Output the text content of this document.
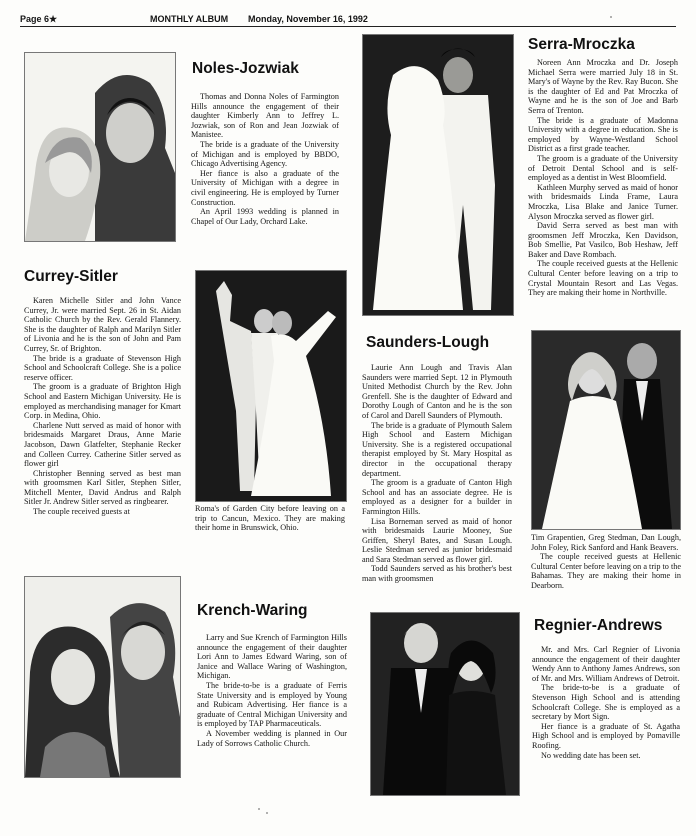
Page 6★	MONTHLY ALBUM Monday, November 16, 1992
Noles-Jozwiak

Thomas and Donna Noles of Farmington Hills announce the engagement of their daughter Kimberly Ann to Jeffrey L. Jozwiak, son of Ron and Jean Jozwiak of Manistee.

The bride is a graduate of the University of Michigan and is employed by BBDO, Chicago Advertising Agency.

Her fiance is also a graduate of the University of Michigan with a degree in civil engineering. He is employed by Turner Construction.

An April 1993 wedding is planned in Chapel of Our Lady, Orchard Lake.

Currey-Sitler

Karen Michelle Sitler and John Vance Currey, Jr. were married Sept. 26 in St. Aidan Catholic Church by the Rev. Gerald Flannery. She is the daughter of Ralph and Marilyn Sitler of Livonia and he is the son of John and Pam Currey, Sr. of Brighton.

The bride is a graduate of Stevenson High School and Schoolcraft College. She is a police reserve officer.

The groom is a graduate of Brighton High School and Eastern Michigan University. He is employed as merchandising manager for Kmart Corp. in Medina, Ohio.

Charlene Nutt served as maid of honor with bridesmaids Margaret Draus, Anne Marie Jacobson, Dawn Glatfelter, Stephanie Recker and Colleen Currey. Catherine Sitler served as flower girl

Christopher Benning served as best man with groomsmen Karl Sitler, Stephen Sitler, Mitchell Menter, David Andrus and Ralph Sitler Jr. Andrew Sitler served as ringbearer.

The couple received guests at	Roma's of Garden City before leaving on a trip to Cancun, Mexico. They are making their home in Brunswick, Ohio.

Krench-Waring

Larry and Sue Krench of Farmington Hills announce the engagement of their daughter Lori Ann to James Edward Waring, son of Janice and Wallace Waring of Washington, Michigan.

The bride-to-be is a graduate of Ferris State University and is employed by Young and Rubicam Advertising. Her fiance is a graduate of Central Michigan University and is employed by TAP Pharmaceuticals.

A November wedding is planned in Our Lady of Sorrows Catholic Church.

Serra-Mroczka

Noreen Ann Mroczka and Dr. Joseph Michael Serra were married July 18 in St. Mary's of Wayne by the Rev. Ray Bucon. She is the daughter of Ed and Pat Mroczka of Wayne and he is the son of Joe and Barb Serra of Trenton.

The bride is a graduate of Madonna University with a degree in education. She is employed by Wayne-Westland School District as a first grade teacher.

The groom is a graduate of the University of Detroit Dental School and is self-employed as a dentist in West Bloomfield.

Kathleen Murphy served as maid of honor with bridesmaids Linda Frame, Laura Mroczka, Lisa Blake and Janice Turner. Alyson Mroczka served as flower girl.

David Serra served as best man with groomsmen Jeff Mroczka, Ken Davidson, Bob Smellie, Pat Vasilco, Bob Heshaw, Jeff Baker and Dave Rombach.

The couple received guests at the Hellenic Cultural Center before leaving on a trip to Crystal Mountain Resort and Las Vegas. They are making their home in Northville.

Saunders-Lough

Laurie Ann Lough and Travis Alan Saunders were married Sept. 12 in Plymouth United Methodist Church by the Rev. John Grenfell. She is the daughter of Edward and Dorothy Lough of Canton and he is the son of Carol and Darell Saunders of Plymouth.

The bride is a graduate of Plymouth Salem High School and Eastern Michigan University. She is a registered occupational therapist employed by St. Mary Hospital as director in the occupational therapy department.

The groom is a graduate of Canton High School and has an associate degree. He is employed as a designer for a builder in Farmington Hills.

Lisa Borneman served as maid of honor with bridesmaids Laurie Mooney, Sue Griffen, Sheryl Bates, and Susan Lough. Leslie Stedman served as junior bridesmaid and Sara Stedman served as flower girl.

Todd Saunders served as his brother's best man with groomsmen

Tim Grapentien, Greg Stedman, Dan Lough, John Foley, Rick Sanford and Hank Beavers.

The couple received guests at Hellenic Cultural Center before leaving on a trip to the Bahamas. They are making their home in Dearborn.

Regnier-Andrews

Mr. and Mrs. Carl Regnier of Livonia announce the engagement of their daughter Wendy Ann to Anthony James Andrews, son of Mr. and Mrs. William Andrews of Detroit.

The bride-to-be is a graduate of Stevenson High School and is attending Schoolcraft College. She is employed as a secretary by Mort Sign.

Her fiance is a graduate of St. Agatha High School and is employed by Pomaville Roofing.

No wedding date has been set.
